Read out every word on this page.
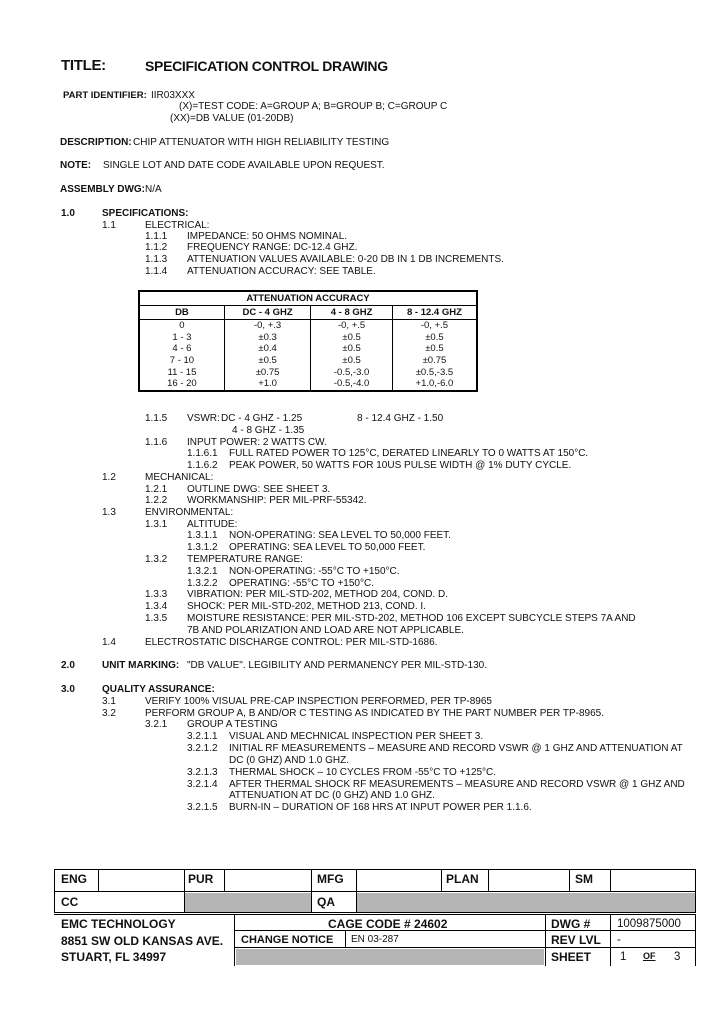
TITLE:	SPECIFICATION CONTROL DRAWING
PART IDENTIFIER: IIR03XXX
(X)=TEST CODE: A=GROUP A; B=GROUP B; C=GROUP C
(XX)=DB VALUE (01-20DB)
DESCRIPTION: CHIP ATTENUATOR WITH HIGH RELIABILITY TESTING
NOTE: SINGLE LOT AND DATE CODE AVAILABLE UPON REQUEST.
ASSEMBLY DWG: N/A
1.0	SPECIFICATIONS:
1.1	ELECTRICAL:
1.1.1 IMPEDANCE: 50 OHMS NOMINAL.
1.1.2 FREQUENCY RANGE: DC-12.4 GHZ.
1.1.3 ATTENUATION VALUES AVAILABLE: 0-20 DB IN 1 DB INCREMENTS.
1.1.4 ATTENUATION ACCURACY: SEE TABLE.
ATTENUATION ACCURACY			
DB	DC - 4 GHZ	4 - 8 GHZ	8 - 12.4 GHZ
0	-0, +.3	-0, +.5	-0, +.5
1 - 3	±0.3	±0.5	±0.5
4 - 6	±0.4	±0.5	±0.5
7 - 10	±0.5	±0.5	±0.75
11 - 15	±0.75	-0.5,-3.0	±0.5,-3.5
16 - 20	+1.0	-0.5,-4.0	+1.0,-6.0
1.1.5 VSWR: DC - 4 GHZ - 1.25
4 - 8 GHZ - 1.35
8 - 12.4 GHZ - 1.50
1.1.6 INPUT POWER: 2 WATTS CW.
1.1.6.1 FULL RATED POWER TO 125°C, DERATED LINEARLY TO 0 WATTS AT 150°C.
1.1.6.2 PEAK POWER, 50 WATTS FOR 10US PULSE WIDTH @ 1% DUTY CYCLE.
1.2	MECHANICAL:
1.2.1 OUTLINE DWG: SEE SHEET 3.
1.2.2 WORKMANSHIP: PER MIL-PRF-55342.
1.3	ENVIRONMENTAL:
1.3.1 ALTITUDE:
1.3.1.1 NON-OPERATING: SEA LEVEL TO 50,000 FEET.
1.3.1.2 OPERATING: SEA LEVEL TO 50,000 FEET.
1.3.2 TEMPERATURE RANGE:
1.3.2.1 NON-OPERATING: -55°C TO +150°C.
1.3.2.2 OPERATING: -55°C TO +150°C.
1.3.3 VIBRATION: PER MIL-STD-202, METHOD 204, COND. D.
1.3.4 SHOCK: PER MIL-STD-202, METHOD 213, COND. I.
1.3.5 MOISTURE RESISTANCE: PER MIL-STD-202, METHOD 106 EXCEPT SUBCYCLE STEPS 7A AND
7B AND POLARIZATION AND LOAD ARE NOT APPLICABLE.
1.4	ELECTROSTATIC DISCHARGE CONTROL: PER MIL-STD-1686.
2.0	UNIT MARKING: "DB VALUE". LEGIBILITY AND PERMANENCY PER MIL-STD-130.
3.0	QUALITY ASSURANCE:
3.1	VERIFY 100% VISUAL PRE-CAP INSPECTION PERFORMED, PER TP-8965
3.2	PERFORM GROUP A, B AND/OR C TESTING AS INDICATED BY THE PART NUMBER PER TP-8965.
3.2.1 GROUP A TESTING
3.2.1.1 VISUAL AND MECHNICAL INSPECTION PER SHEET 3.
3.2.1.2 INITIAL RF MEASUREMENTS – MEASURE AND RECORD VSWR @ 1 GHZ AND ATTENUATION AT
DC (0 GHZ) AND 1.0 GHZ.
3.2.1.3 THERMAL SHOCK – 10 CYCLES FROM -55°C TO +125°C.
3.2.1.4 AFTER THERMAL SHOCK RF MEASUREMENTS – MEASURE AND RECORD VSWR @ 1 GHZ AND
ATTENUATION AT DC (0 GHZ) AND 1.0 GHZ.
3.2.1.5 BURN-IN – DURATION OF 168 HRS AT INPUT POWER PER 1.1.6.
ENG	PUR	MFG	PLAN	SM
CC	QA
EMC TECHNOLOGY
8851 SW OLD KANSAS AVE.
STUART, FL 34997
CAGE CODE # 24602
CHANGE NOTICE EN 03-287
DWG # 1009875000
REV LVL -
SHEET	1 OF 3
